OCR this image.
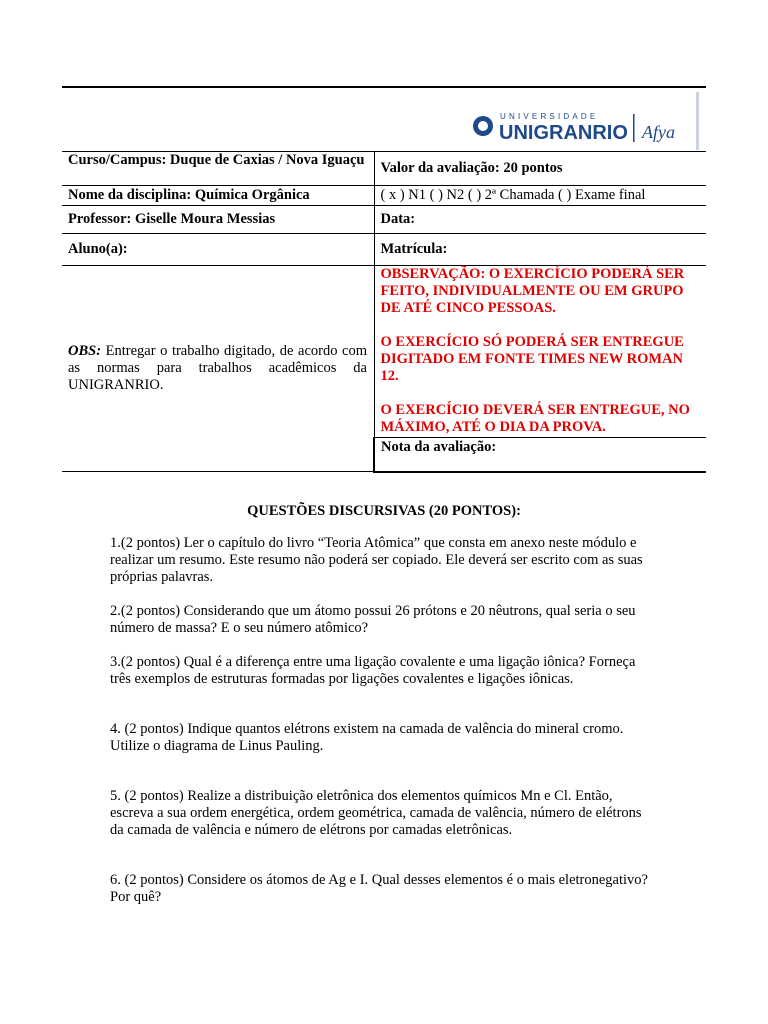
UNIVERSIDADE
UNIGRANRIO Afya
Curso/Campus: Duque de Caxias / Nova Iguaçu	Valor da avaliação: 20 pontos
Nome da disciplina: Química Orgânica	( x ) N1 ( ) N2 ( ) 2ª Chamada ( ) Exame final
Professor: Giselle Moura Messias	Data:
Aluno(a):	Matrícula:
OBS: Entregar o trabalho digitado, de acordo com as normas para trabalhos acadêmicos da UNIGRANRIO.	OBSERVAÇÃO: O EXERCÍCIO PODERÁ SER FEITO, INDIVIDUALMENTE OU EM GRUPO DE ATÉ CINCO PESSOAS.
O EXERCÍCIO SÓ PODERÁ SER ENTREGUE DIGITADO EM FONTE TIMES NEW ROMAN 12.
O EXERCÍCIO DEVERÁ SER ENTREGUE, NO MÁXIMO, ATÉ O DIA DA PROVA.

	Nota da avaliação:
QUESTÕES DISCURSIVAS (20 PONTOS):
1.(2 pontos) Ler o capítulo do livro “Teoria Atômica” que consta em anexo neste módulo e realizar um resumo. Este resumo não poderá ser copiado. Ele deverá ser escrito com as suas próprias palavras.
2.(2 pontos) Considerando que um átomo possui 26 prótons e 20 nêutrons, qual seria o seu número de massa? E o seu número atômico?
3.(2 pontos) Qual é a diferença entre uma ligação covalente e uma ligação iônica? Forneça três exemplos de estruturas formadas por ligações covalentes e ligações iônicas.
4. (2 pontos) Indique quantos elétrons existem na camada de valência do mineral cromo. Utilize o diagrama de Linus Pauling.
5. (2 pontos) Realize a distribuição eletrônica dos elementos químicos Mn e Cl. Então, escreva a sua ordem energética, ordem geométrica, camada de valência, número de elétrons da camada de valência e número de elétrons por camadas eletrônicas.
6. (2 pontos) Considere os átomos de Ag e I. Qual desses elementos é o mais eletronegativo? Por quê?
